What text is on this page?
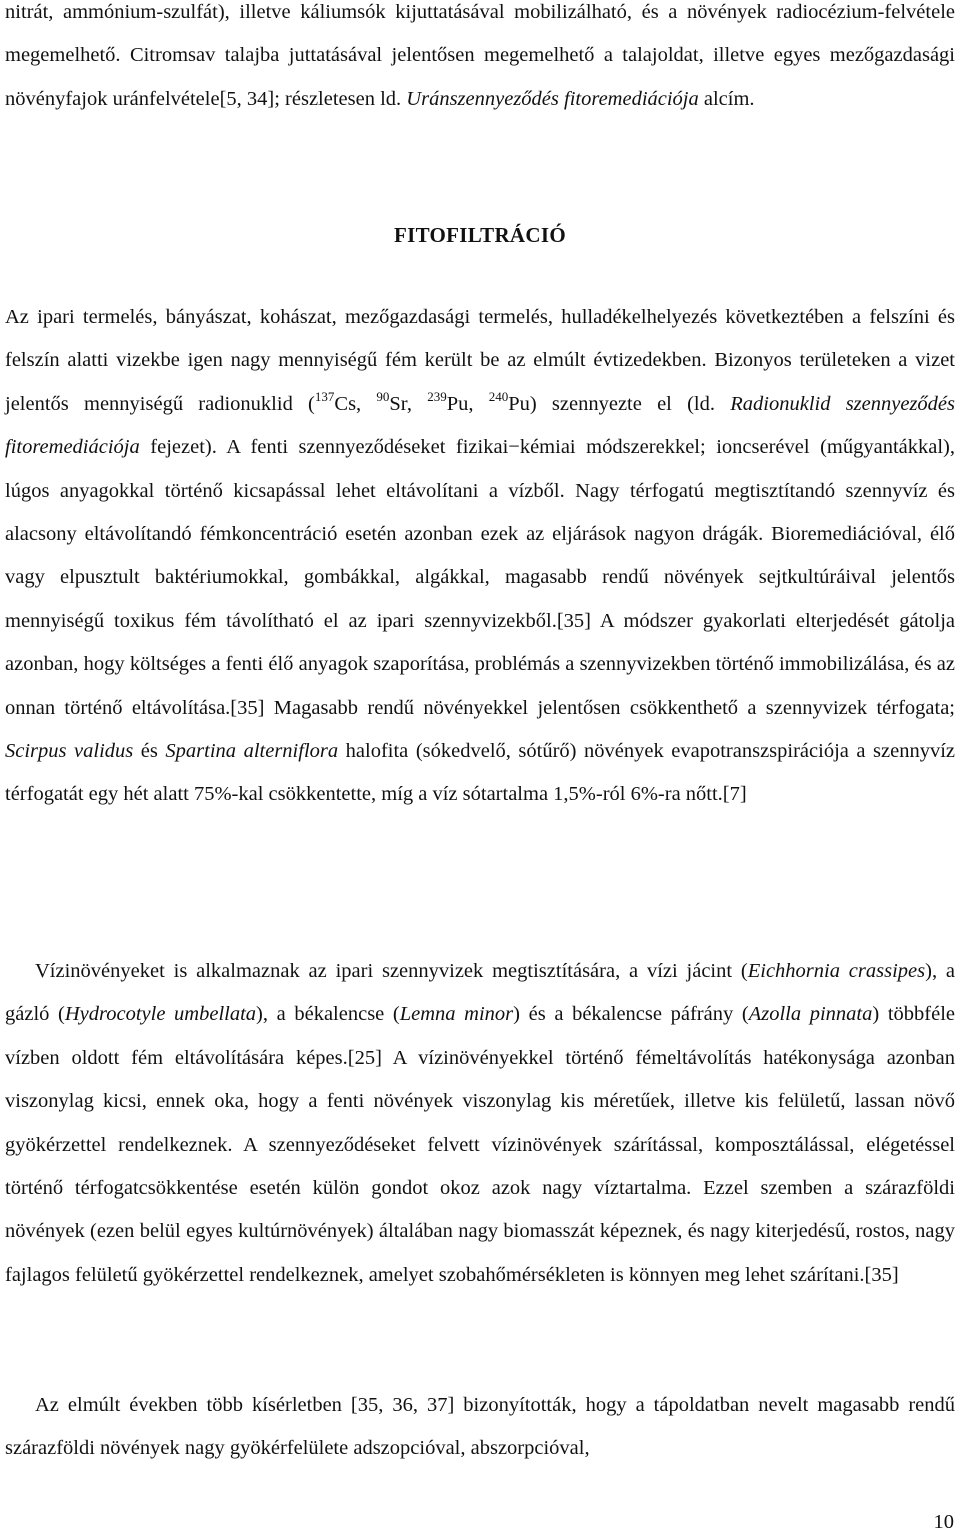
nitrát, ammónium-szulfát), illetve káliumsók kijuttatásával mobilizálható, és a növények radiocézium-felvétele megemelhető. Citromsav talajba juttatásával jelentősen megemelhető a talajoldat, illetve egyes mezőgazdasági növényfajok uránfelvétele[5, 34]; részletesen ld. Uránszennyeződés fitoremediációja alcím.

FITOFILTRÁCIÓ

Az ipari termelés, bányászat, kohászat, mezőgazdasági termelés, hulladékelhelyezés következtében a felszíni és felszín alatti vizekbe igen nagy mennyiségű fém került be az elmúlt évtizedekben. Bizonyos területeken a vizet jelentős mennyiségű radionuklid ($^{137}$Cs, $^{90}$Sr, $^{239}$Pu, $^{240}$Pu) szennyezte el (ld. Radionuklid szennyeződés fitoremediációja fejezet). A fenti szennyeződéseket fizikai−kémiai módszerekkel; ioncserével (műgyantákkal), lúgos anyagokkal történő kicsapással lehet eltávolítani a vízből. Nagy térfogatú megtisztítandó szennyvíz és alacsony eltávolítandó fémkoncentráció esetén azonban ezek az eljárások nagyon drágák. Bioremediációval, élő vagy elpusztult baktériumokkal, gombákkal, algákkal, magasabb rendű növények sejtkultúráival jelentős mennyiségű toxikus fém távolítható el az ipari szennyvizekből.[35] A módszer gyakorlati elterjedését gátolja azonban, hogy költséges a fenti élő anyagok szaporítása, problémás a szennyvizekben történő immobilizálása, és az onnan történő eltávolítása.[35] Magasabb rendű növényekkel jelentősen csökkenthető a szennyvizek térfogata; Scirpus validus és Spartina alterniflora halofita (sókedvelő, sótűrő) növények evapotranszspirációja a szennyvíz térfogatát egy hét alatt 75%-kal csökkentette, míg a víz sótartalma 1,5%-ról 6%-ra nőtt.[7]

Vízinövényeket is alkalmaznak az ipari szennyvizek megtisztítására, a vízi jácint (Eichhornia crassipes), a gázló (Hydrocotyle umbellata), a békalencse (Lemna minor) és a békalencse páfrány (Azolla pinnata) többféle vízben oldott fém eltávolítására képes.[25] A vízinövényekkel történő fémeltávolítás hatékonysága azonban viszonylag kicsi, ennek oka, hogy a fenti növények viszonylag kis méretűek, illetve kis felületű, lassan növő gyökérzettel rendelkeznek. A szennyeződéseket felvett vízinövények szárítással, komposztálással, elégetéssel történő térfogatcsökkentése esetén külön gondot okoz azok nagy víztartalma. Ezzel szemben a szárazföldi növények (ezen belül egyes kultúrnövények) általában nagy biomasszát képeznek, és nagy kiterjedésű, rostos, nagy fajlagos felületű gyökérzettel rendelkeznek, amelyet szobahőmérsékleten is könnyen meg lehet szárítani.[35]

Az elmúlt években több kísérletben [35, 36, 37] bizonyították, hogy a tápoldatban nevelt magasabb rendű szárazföldi növények nagy gyökérfelülete adszopcióval, abszorpcióval,

10
